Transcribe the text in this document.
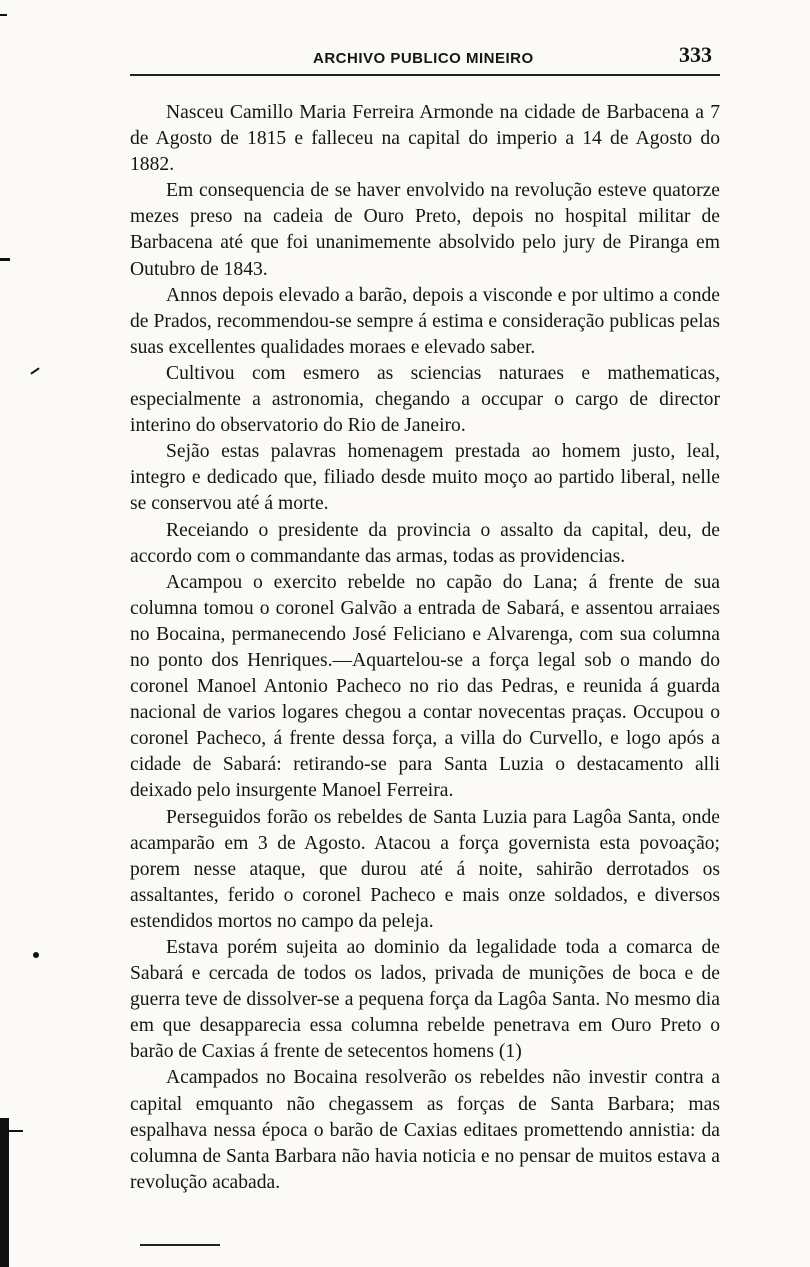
ARCHIVO PUBLICO MINEIRO	333

Nasceu Camillo Maria Ferreira Armonde na cidade de Barbacena a 7 de Agosto de 1815 e falleceu na capital do imperio a 14 de Agosto do 1882.

Em consequencia de se haver envolvido na revolução esteve quatorze mezes preso na cadeia de Ouro Preto, depois no hospital militar de Barbacena até que foi unanimemente absolvido pelo jury de Piranga em Outubro de 1843.

Annos depois elevado a barão, depois a visconde e por ultimo a conde de Prados, recommendou-se sempre á estima e consideração publicas pelas suas excellentes qualidades moraes e elevado saber.

Cultivou com esmero as sciencias naturaes e mathematicas, especialmente a astronomia, chegando a occupar o cargo de director interino do observatorio do Rio de Janeiro.

Sejão estas palavras homenagem prestada ao homem justo, leal, integro e dedicado que, filiado desde muito moço ao partido liberal, nelle se conservou até á morte.

Receiando o presidente da provincia o assalto da capital, deu, de accordo com o commandante das armas, todas as providencias.

Acampou o exercito rebelde no capão do Lana; á frente de sua columna tomou o coronel Galvão a entrada de Sabará, e assentou arraiaes no Bocaina, permanecendo José Feliciano e Alvarenga, com sua columna no ponto dos Henriques.—Aquartelou-se a força legal sob o mando do coronel Manoel Antonio Pacheco no rio das Pedras, e reunida á guarda nacional de varios logares chegou a contar novecentas praças. Occupou o coronel Pacheco, á frente dessa força, a villa do Curvello, e logo após a cidade de Sabará: retirando-se para Santa Luzia o destacamento alli deixado pelo insurgente Manoel Ferreira.

Perseguidos forão os rebeldes de Santa Luzia para Lagôa Santa, onde acamparão em 3 de Agosto. Atacou a força governista esta povoação; porem nesse ataque, que durou até á noite, sahirão derrotados os assaltantes, ferido o coronel Pacheco e mais onze soldados, e diversos estendidos mortos no campo da peleja.

Estava porém sujeita ao dominio da legalidade toda a comarca de Sabará e cercada de todos os lados, privada de munições de boca e de guerra teve de dissolver-se a pequena força da Lagôa Santa. No mesmo dia em que desapparecia essa columna rebelde penetrava em Ouro Preto o barão de Caxias á frente de setecentos homens (1)

Acampados no Bocaina resolverão os rebeldes não investir contra a capital emquanto não chegassem as forças de Santa Barbara; mas espalhava nessa época o barão de Caxias editaes promettendo annistia: da columna de Santa Barbara não havia noticia e no pensar de muitos estava a revolução acabada.
